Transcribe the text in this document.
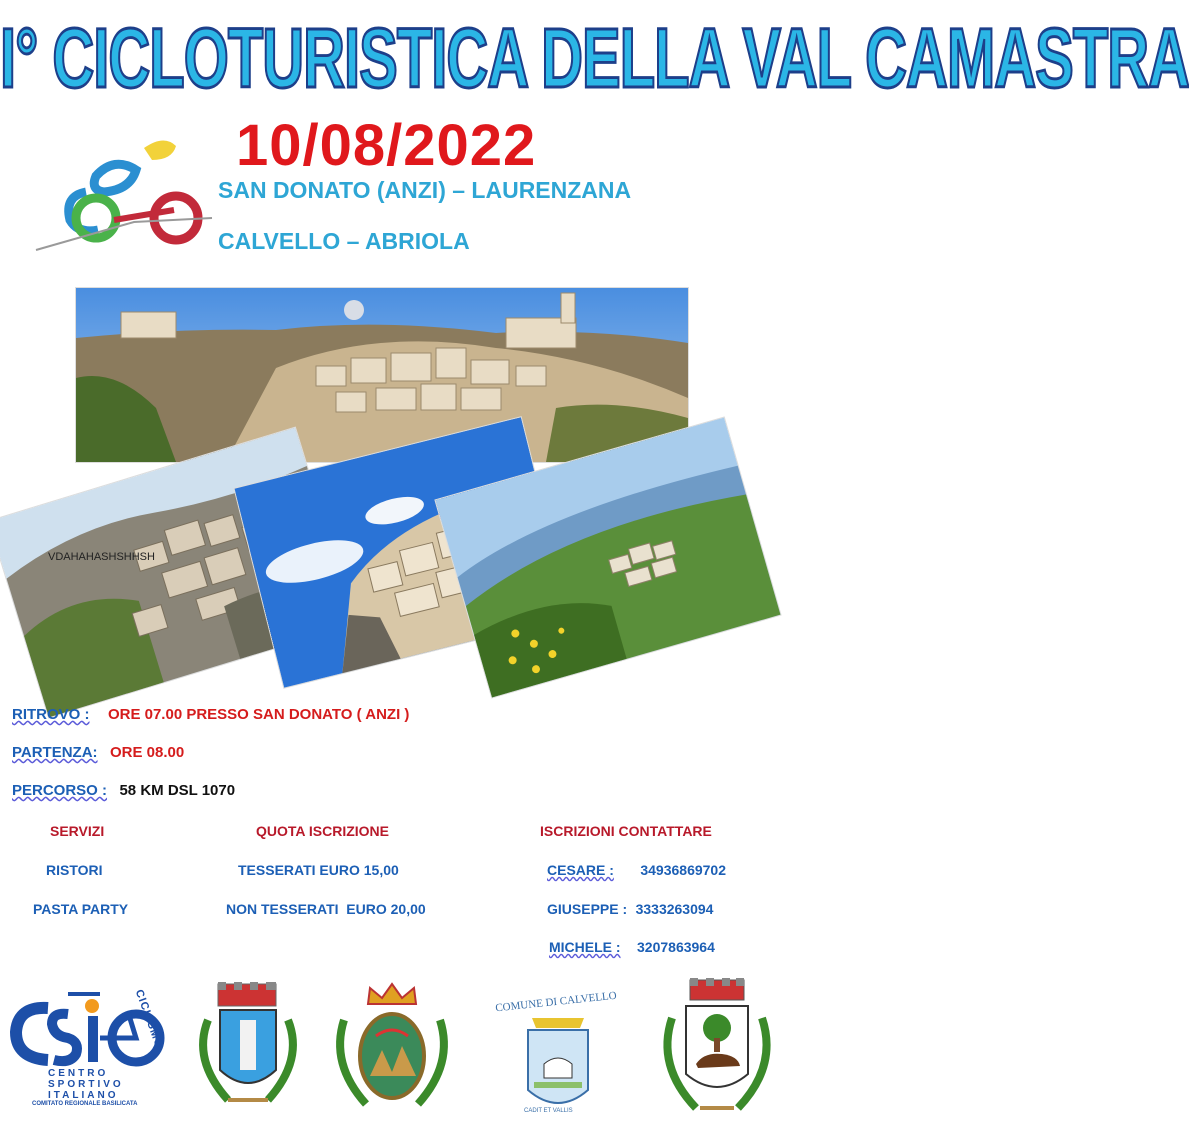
I° CICLOTURISTICA DELLA VAL CAMASTRA
10/08/2022
SAN DONATO (ANZI) – LAURENZANA
CALVELLO – ABRIOLA
VDAHAHASHSHHSH
RITROVO : ORE 07.00 PRESSO SAN DONATO ( ANZI )
PARTENZA: ORE 08.00
PERCORSO : 58 KM DSL 1070
SERVIZI
RISTORI
PASTA PARTY
QUOTA ISCRIZIONE
TESSERATI EURO 15,00
NON TESSERATI  EURO 20,00
ISCRIZIONI CONTATTARE
CESARE : 34936869702
GIUSEPPE : 3333263094
MICHELE : 3207863964
CICLISMO
CENTRO
SPORTIVO
ITALIANO
COMITATO REGIONALE BASILICATA
COMUNE DI CALVELLO
CADIT ET VALLIS
